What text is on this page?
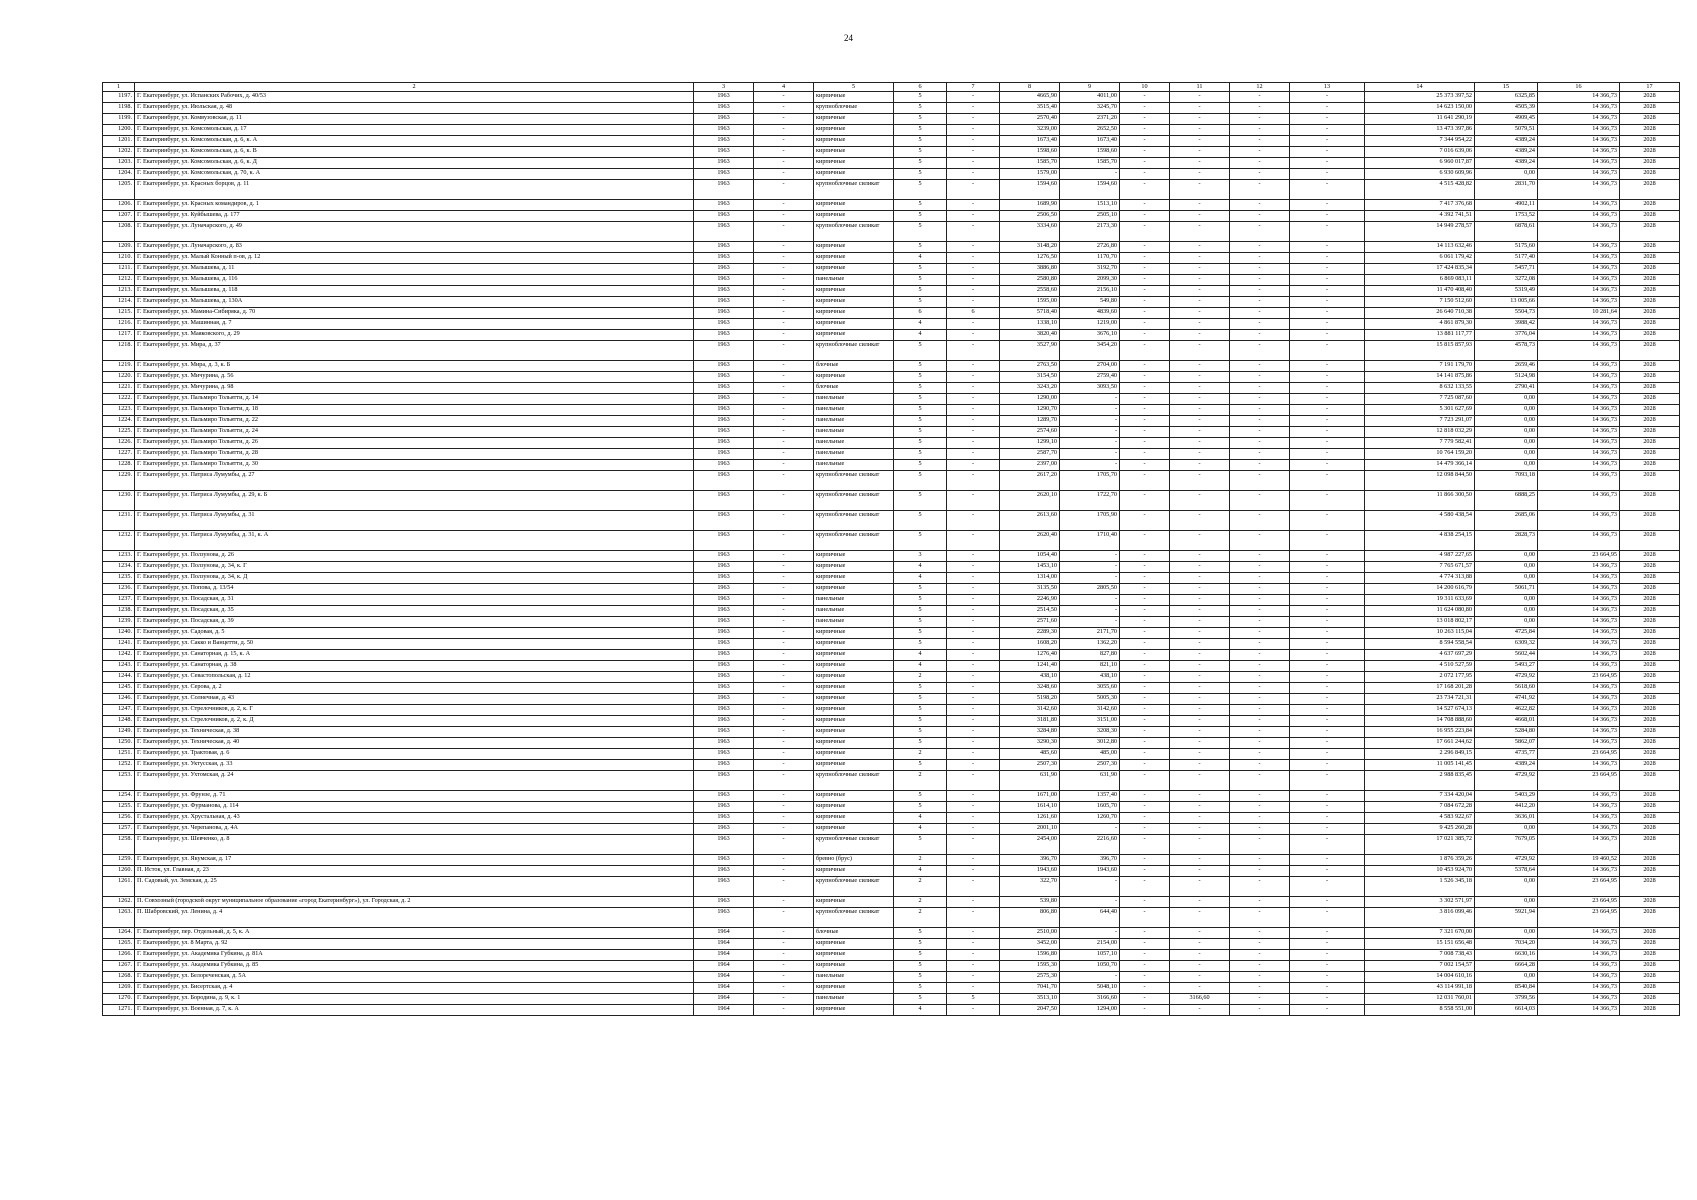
24
1	2	3	4	5	6	7	8	9	10	11	12	13	14	15	16	17
1197.	Г. Екатеринбург, ул. Испанских Рабочих, д. 40/53	1963	-	кирпичные	5	-	4665,90	4011,00	-	-	-	-	25 373 397,52	6325,85	14 366,73	2028
1198.	Г. Екатеринбург, ул. Июльская, д. 48	1963	-	крупноблочные	5	-	3515,40	3245,70	-	-	-	-	14 623 150,00	4505,39	14 366,73	2028
1199.	Г. Екатеринбург, ул. Комвузовская, д. 11	1963	-	кирпичные	5	-	2570,40	2371,20	-	-	-	-	11 641 290,19	4909,45	14 366,73	2028
1200.	Г. Екатеринбург, ул. Комсомольская, д. 17	1963	-	кирпичные	5	-	3239,00	2652,50	-	-	-	-	13 473 397,86	5079,51	14 366,73	2028
1201.	Г. Екатеринбург, ул. Комсомольская, д. 6, к. А	1963	-	кирпичные	5	-	1673,40	1673,40	-	-	-	-	7 344 954,22	4389,24	14 366,73	2028
1202.	Г. Екатеринбург, ул. Комсомольская, д. 6, к. В	1963	-	кирпичные	5	-	1598,60	1598,60	-	-	-	-	7 016 639,06	4389,24	14 366,73	2028
1203.	Г. Екатеринбург, ул. Комсомольская, д. 6, к. Д	1963	-	кирпичные	5	-	1585,70	1585,70	-	-	-	-	6 960 017,87	4389,24	14 366,73	2028
1204.	Г. Екатеринбург, ул. Комсомольская, д. 70, к. А	1963	-	кирпичные	5	-	1579,00	-	-	-	-	-	6 930 609,96	0,00	14 366,73	2028
1205.	Г. Екатеринбург, ул. Красных борцов, д. 11	1963	-	крупноблочные силикат	5	-	1594,60	1594,60	-	-	-	-	4 515 428,82	2831,70	14 366,73	2028
1206.	Г. Екатеринбург, ул. Красных командиров, д. 1	1963	-	кирпичные	5	-	1689,90	1513,10	-	-	-	-	7 417 376,68	4902,11	14 366,73	2028
1207.	Г. Екатеринбург, ул. Куйбышева, д. 177	1963	-	кирпичные	5	-	2506,50	2505,10	-	-	-	-	4 392 741,51	1753,52	14 366,73	2028
1208.	Г. Екатеринбург, ул. Луначарского, д. 49	1963	-	крупноблочные силикат	5	-	3334,60	2173,30	-	-	-	-	14 949 278,57	6878,61	14 366,73	2028
1209.	Г. Екатеринбург, ул. Луначарского, д. 83	1963	-	кирпичные	5	-	3148,20	2726,80	-	-	-	-	14 113 632,46	5175,60	14 366,73	2028
1210.	Г. Екатеринбург, ул. Малый Конный п-ов, д. 12	1963	-	кирпичные	4	-	1276,50	1170,70	-	-	-	-	6 061 179,42	5177,40	14 366,73	2028
1211.	Г. Екатеринбург, ул. Малышева, д. 11	1963	-	кирпичные	5	-	3886,80	3192,70	-	-	-	-	17 424 835,34	5457,71	14 366,73	2028
1212.	Г. Екатеринбург, ул. Малышева, д. 116	1963	-	панельные	5	-	2580,80	2099,30	-	-	-	-	6 869 083,11	3272,08	14 366,73	2028
1213.	Г. Екатеринбург, ул. Малышева, д. 118	1963	-	кирпичные	5	-	2558,60	2156,10	-	-	-	-	11 470 408,40	5319,49	14 366,73	2028
1214.	Г. Екатеринбург, ул. Малышева, д. 130А	1963	-	кирпичные	5	-	1595,00	549,80	-	-	-	-	7 150 512,60	13 005,66	14 366,73	2028
1215.	Г. Екатеринбург, ул. Мамина-Сибиряка, д. 70	1963	-	кирпичные	6	6	5718,40	4839,60	-	-	-	-	26 640 710,38	5504,73	10 281,64	2028
1216.	Г. Екатеринбург, ул. Машинная, д. 7	1963	-	кирпичные	4	-	1338,10	1219,00	-	-	-	-	4 861 879,30	3988,42	14 366,73	2028
1217.	Г. Екатеринбург, ул. Маяковского, д. 29	1963	-	кирпичные	4	-	3820,40	3676,10	-	-	-	-	13 881 117,77	3776,04	14 366,73	2028
1218.	Г. Екатеринбург, ул. Мира, д. 37	1963	-	крупноблочные силикат	5	-	3527,90	3454,20	-	-	-	-	15 815 857,93	4578,73	14 366,73	2028
1219.	Г. Екатеринбург, ул. Мира, д. 3, к. Б	1963	-	блочные	5	-	2763,50	2704,00	-	-	-	-	7 191 179,70	2659,46	14 366,73	2028
1220.	Г. Екатеринбург, ул. Мичурина, д. 56	1963	-	кирпичные	5	-	3154,50	2759,40	-	-	-	-	14 141 875,86	5124,98	14 366,73	2028
1221.	Г. Екатеринбург, ул. Мичурина, д. 98	1963	-	блочные	5	-	3243,20	3093,50	-	-	-	-	8 632 133,55	2790,41	14 366,73	2028
1222.	Г. Екатеринбург, ул. Пальмиро Тольятти, д. 14	1963	-	панельные	5	-	1290,00	-	-	-	-	-	7 725 087,60	0,00	14 366,73	2028
1223.	Г. Екатеринбург, ул. Пальмиро Тольятти, д. 18	1963	-	панельные	5	-	1290,70	-	-	-	-	-	5 301 627,69	0,00	14 366,73	2028
1224.	Г. Екатеринбург, ул. Пальмиро Тольятти, д. 22	1963	-	панельные	5	-	1289,70	-	-	-	-	-	7 723 291,07	0,00	14 366,73	2028
1225.	Г. Екатеринбург, ул. Пальмиро Тольятти, д. 24	1963	-	панельные	5	-	2574,60	-	-	-	-	-	12 818 032,29	0,00	14 366,73	2028
1226.	Г. Екатеринбург, ул. Пальмиро Тольятти, д. 26	1963	-	панельные	5	-	1299,10	-	-	-	-	-	7 779 582,41	0,00	14 366,73	2028
1227.	Г. Екатеринбург, ул. Пальмиро Тольятти, д. 28	1963	-	панельные	5	-	2587,70	-	-	-	-	-	10 764 159,20	0,00	14 366,73	2028
1228.	Г. Екатеринбург, ул. Пальмиро Тольятти, д. 30	1963	-	панельные	5	-	2397,00	-	-	-	-	-	14 479 366,14	0,00	14 366,73	2028
1229.	Г. Екатеринбург, ул. Патриса Лумумбы, д. 27	1963	-	крупноблочные силикат	5	-	2617,20	1705,70	-	-	-	-	12 098 844,50	7093,18	14 366,73	2028
1230.	Г. Екатеринбург, ул. Патриса Лумумбы, д. 29, к. Б	1963	-	крупноблочные силикат	5	-	2620,10	1722,70	-	-	-	-	11 866 300,50	6888,25	14 366,73	2028
1231.	Г. Екатеринбург, ул. Патриса Лумумбы, д. 31	1963	-	крупноблочные силикат	5	-	2613,60	1705,90	-	-	-	-	4 580 438,54	2685,06	14 366,73	2028
1232.	Г. Екатеринбург, ул. Патриса Лумумбы, д. 31, к. А	1963	-	крупноблочные силикат	5	-	2620,40	1710,40	-	-	-	-	4 838 254,15	2828,73	14 366,73	2028
1233.	Г. Екатеринбург, ул. Ползунова, д. 26	1963	-	кирпичные	3	-	1054,40	-	-	-	-	-	4 987 227,65	0,00	23 664,95	2028
1234.	Г. Екатеринбург, ул. Ползунова, д. 34, к. Г	1963	-	кирпичные	4	-	1453,10	-	-	-	-	-	7 765 671,57	0,00	14 366,73	2028
1235.	Г. Екатеринбург, ул. Ползунова, д. 34, к. Д	1963	-	кирпичные	4	-	1314,00	-	-	-	-	-	4 774 313,88	0,00	14 366,73	2028
1236.	Г. Екатеринбург, ул. Попова, д. 13/54	1963	-	кирпичные	5	-	3135,50	2805,50	-	-	-	-	14 200 616,79	5061,71	14 366,73	2028
1237.	Г. Екатеринбург, ул. Посадская, д. 31	1963	-	панельные	5	-	2246,90	-	-	-	-	-	19 311 633,69	0,00	14 366,73	2028
1238.	Г. Екатеринбург, ул. Посадская, д. 35	1963	-	панельные	5	-	2514,50	-	-	-	-	-	11 624 080,80	0,00	14 366,73	2028
1239.	Г. Екатеринбург, ул. Посадская, д. 39	1963	-	панельные	5	-	2571,60	-	-	-	-	-	13 018 802,17	0,00	14 366,73	2028
1240.	Г. Екатеринбург, ул. Садовая, д. 5	1963	-	кирпичные	5	-	2289,30	2171,70	-	-	-	-	10 263 115,04	4725,84	14 366,73	2028
1241.	Г. Екатеринбург, ул. Сакко и Ванцетти, д. 50	1963	-	кирпичные	5	-	1608,20	1362,20	-	-	-	-	8 594 558,54	6309,32	14 366,73	2028
1242.	Г. Екатеринбург, ул. Санаторная, д. 15, к. А	1963	-	кирпичные	4	-	1276,40	827,80	-	-	-	-	4 637 697,29	5602,44	14 366,73	2028
1243.	Г. Екатеринбург, ул. Санаторная, д. 38	1963	-	кирпичные	4	-	1241,40	821,10	-	-	-	-	4 510 527,59	5493,27	14 366,73	2028
1244.	Г. Екатеринбург, ул. Севастопольская, д. 12	1963	-	кирпичные	2	-	438,10	438,10	-	-	-	-	2 072 177,95	4729,92	23 664,95	2028
1245.	Г. Екатеринбург, ул. Серова, д. 2	1963	-	кирпичные	5	-	3248,60	3055,60	-	-	-	-	17 168 201,28	5618,60	14 366,73	2028
1246.	Г. Екатеринбург, ул. Солнечная, д. 43	1963	-	кирпичные	5	-	5198,20	5005,30	-	-	-	-	23 734 721,31	4741,92	14 366,73	2028
1247.	Г. Екатеринбург, ул. Стрелочников, д. 2, к. Г	1963	-	кирпичные	5	-	3142,60	3142,60	-	-	-	-	14 527 674,13	4622,82	14 366,73	2028
1248.	Г. Екатеринбург, ул. Стрелочников, д. 2, к. Д	1963	-	кирпичные	5	-	3181,80	3151,00	-	-	-	-	14 708 888,60	4668,01	14 366,73	2028
1249.	Г. Екатеринбург, ул. Техническая, д. 38	1963	-	кирпичные	5	-	3284,80	3208,30	-	-	-	-	16 955 223,84	5284,80	14 366,73	2028
1250.	Г. Екатеринбург, ул. Техническая, д. 40	1963	-	кирпичные	5	-	3290,30	3012,80	-	-	-	-	17 661 244,62	5862,07	14 366,73	2028
1251.	Г. Екатеринбург, ул. Трактовая, д. 6	1963	-	кирпичные	2	-	485,60	485,00	-	-	-	-	2 296 849,15	4735,77	23 664,95	2028
1252.	Г. Екатеринбург, ул. Уктусская, д. 33	1963	-	кирпичные	5	-	2507,30	2507,30	-	-	-	-	11 005 141,45	4389,24	14 366,73	2028
1253.	Г. Екатеринбург, ул. Ухтомская, д. 24	1963	-	крупноблочные силикат	2	-	631,90	631,90	-	-	-	-	2 988 835,45	4729,92	23 664,95	2028
1254.	Г. Екатеринбург, ул. Фрунзе, д. 71	1963	-	кирпичные	5	-	1671,00	1357,40	-	-	-	-	7 334 420,04	5403,29	14 366,73	2028
1255.	Г. Екатеринбург, ул. Фурманова, д. 114	1963	-	кирпичные	5	-	1614,10	1605,70	-	-	-	-	7 084 672,28	4412,20	14 366,73	2028
1256.	Г. Екатеринбург, ул. Хрустальная, д. 43	1963	-	кирпичные	4	-	1261,60	1260,70	-	-	-	-	4 583 922,67	3636,01	14 366,73	2028
1257.	Г. Екатеринбург, ул. Черепанова, д. 4А	1963	-	кирпичные	4	-	2001,10	-	-	-	-	-	9 425 260,28	0,00	14 366,73	2028
1258.	Г. Екатеринбург, ул. Шевченко, д. 8	1963	-	крупноблочные силикат	5	-	2454,00	2216,60	-	-	-	-	17 021 385,72	7679,05	14 366,73	2028
1259.	Г. Екатеринбург, ул. Якумская, д. 17	1963	-	бревно (брус)	2	-	396,70	396,70	-	-	-	-	1 876 359,26	4729,92	19 460,52	2028
1260.	П. Исток, ул. Главная, д. 23	1963	-	кирпичные	4	-	1943,60	1943,60	-	-	-	-	10 453 924,70	5378,64	14 366,73	2028
1261.	П. Садовый, ул. Земская, д. 25	1963	-	крупноблочные силикат	2	-	322,70	-	-	-	-	-	1 526 345,18	0,00	23 664,95	2028
1262.	П. Совхозный (городской округ муниципальное образование «город Екатеринбург»), ул. Городская, д. 2	1963	-	кирпичные	2	-	539,80	-	-	-	-	-	3 302 571,97	0,00	23 664,95	2028
1263.	П. Шабровский, ул. Ленина, д. 4	1963	-	крупноблочные силикат	2	-	806,80	644,40	-	-	-	-	3 816 099,46	5921,94	23 664,95	2028
1264.	Г. Екатеринбург, пер. Отдельный, д. 5, к. А	1964	-	блочные	5	-	2510,00	-	-	-	-	-	7 321 670,00	0,00	14 366,73	2028
1265.	Г. Екатеринбург, ул. 8 Марта, д. 92	1964	-	кирпичные	5	-	3452,00	2154,00	-	-	-	-	15 151 656,48	7034,20	14 366,73	2028
1266.	Г. Екатеринбург, ул. Академика Губкина, д. 81А	1964	-	кирпичные	5	-	1596,80	1057,10	-	-	-	-	7 008 738,43	6630,16	14 366,73	2028
1267.	Г. Екатеринбург, ул. Академика Губкина, д. 85	1964	-	кирпичные	5	-	1595,30	1050,70	-	-	-	-	7 002 154,57	6664,28	14 366,73	2028
1268.	Г. Екатеринбург, ул. Белореченская, д. 5А	1964	-	панельные	5	-	2575,30	-	-	-	-	-	14 004 610,16	0,00	14 366,73	2028
1269.	Г. Екатеринбург, ул. Бисертская, д. 4	1964	-	кирпичные	5	-	7041,70	5048,10	-	-	-	-	43 114 991,18	8540,84	14 366,73	2028
1270.	Г. Екатеринбург, ул. Бородина, д. 9, к. 1	1964	-	панельные	5	5	3513,10	3166,60	-	3166,60	-	-	12 031 760,01	3799,56	14 366,73	2028
1271.	Г. Екатеринбург, ул. Военная, д. 7, к. А	1964	-	кирпичные	4	-	2047,50	1294,00	-	-	-	-	8 558 551,00	6614,03	14 366,73	2028
